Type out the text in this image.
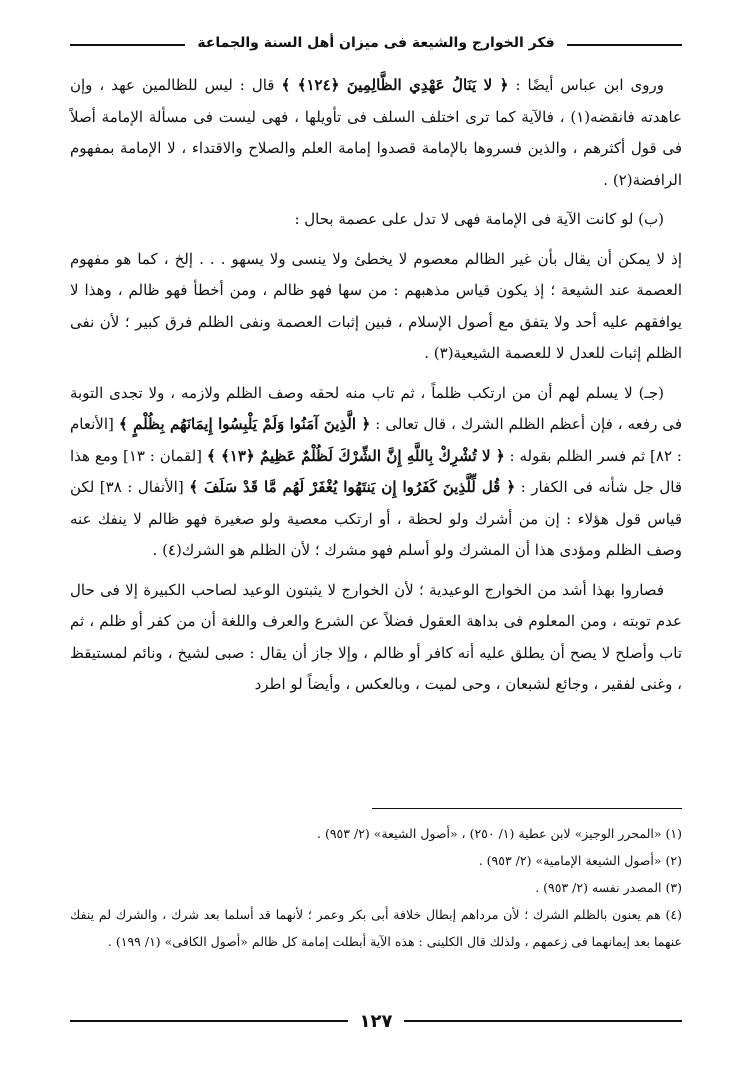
فكر الخوارج والشيعة فى ميزان أهل السنة والجماعة

وروى ابن عباس أيضًا : ﴿ لا يَنَالُ عَهْدِي الظَّالِمِينَ ﴿١٢٤﴾ ﴾ قال : ليس للظالمين عهد ، وإن عاهدته فانقضه(١) ، فالآية كما ترى اختلف السلف فى تأويلها ، فهى ليست فى مسألة الإمامة أصلاً فى قول أكثرهم ، والذين فسروها بالإمامة قصدوا إمامة العلم والصلاح والاقتداء ، لا الإمامة بمفهوم الرافضة(٢) .

(ب) لو كانت الآية فى الإمامة فهى لا تدل على عصمة بحال :

إذ لا يمكن أن يقال بأن غير الظالم معصوم لا يخطئ ولا ينسى ولا يسهو . . . إلخ ، كما هو مفهوم العصمة عند الشيعة ؛ إذ يكون قياس مذهبهم : من سها فهو ظالم ، ومن أخطأ فهو ظالم ، وهذا لا يوافقهم عليه أحد ولا يتفق مع أصول الإسلام ، فبين إثبات العصمة ونفى الظلم فرق كبير ؛ لأن نفى الظلم إثبات للعدل لا للعصمة الشيعية(٣) .

(جـ) لا يسلم لهم أن من ارتكب ظلماً ، ثم تاب منه لحقه وصف الظلم ولازمه ، ولا تجدى التوبة فى رفعه ، فإن أعظم الظلم الشرك ، قال تعالى : ﴿ الَّذِينَ آمَنُوا وَلَمْ يَلْبِسُوا إِيمَانَهُم بِظُلْمٍ ﴾ [الأنعام : ٨٢] ثم فسر الظلم بقوله : ﴿ لا تُشْرِكْ بِاللَّهِ إِنَّ الشِّرْكَ لَظُلْمٌ عَظِيمٌ ﴿١٣﴾ ﴾ [لقمان : ١٣] ومع هذا قال جل شأنه فى الكفار : ﴿ قُل لِّلَّذِينَ كَفَرُوا إِن يَنتَهُوا يُغْفَرْ لَهُم مَّا قَدْ سَلَفَ ﴾ [الأنفال : ٣٨] لكن قياس قول هؤلاء : إن من أشرك ولو لحظة ، أو ارتكب معصية ولو صغيرة فهو ظالم لا ينفك عنه وصف الظلم ومؤدى هذا أن المشرك ولو أسلم فهو مشرك ؛ لأن الظلم هو الشرك(٤) .

فصاروا بهذا أشد من الخوارج الوعيدية ؛ لأن الخوارج لا يثبتون الوعيد لصاحب الكبيرة إلا فى حال عدم توبته ، ومن المعلوم فى بداهة العقول فضلاً عن الشرع والعرف واللغة أن من كفر أو ظلم ، ثم تاب وأصلح لا يصح أن يطلق عليه أنه كافر أو ظالم ، وإلا جاز أن يقال : صبى لشيخ ، ونائم لمستيقظ ، وغنى لفقير ، وجائع لشبعان ، وحى لميت ، وبالعكس ، وأيضاً لو اطرد

(١) «المحرر الوجيز» لابن عطية (١/ ٢٥٠) ، «أصول الشيعة» (٢/ ٩٥٣) .

(٢) «أصول الشيعة الإمامية» (٢/ ٩٥٣) .

(٣) المصدر نفسه (٢/ ٩٥٣) .

(٤) هم يعنون بالظلم الشرك ؛ لأن مرداهم إبطال خلافة أبى بكر وعمر ؛ لأنهما قد أسلما بعد شرك ، والشرك لم ينفك عنهما بعد إيمانهما فى زعمهم ، ولذلك قال الكلينى : هذه الآية أبطلت إمامة كل ظالم «أصول الكافى» (١/ ١٩٩) .

١٢٧
